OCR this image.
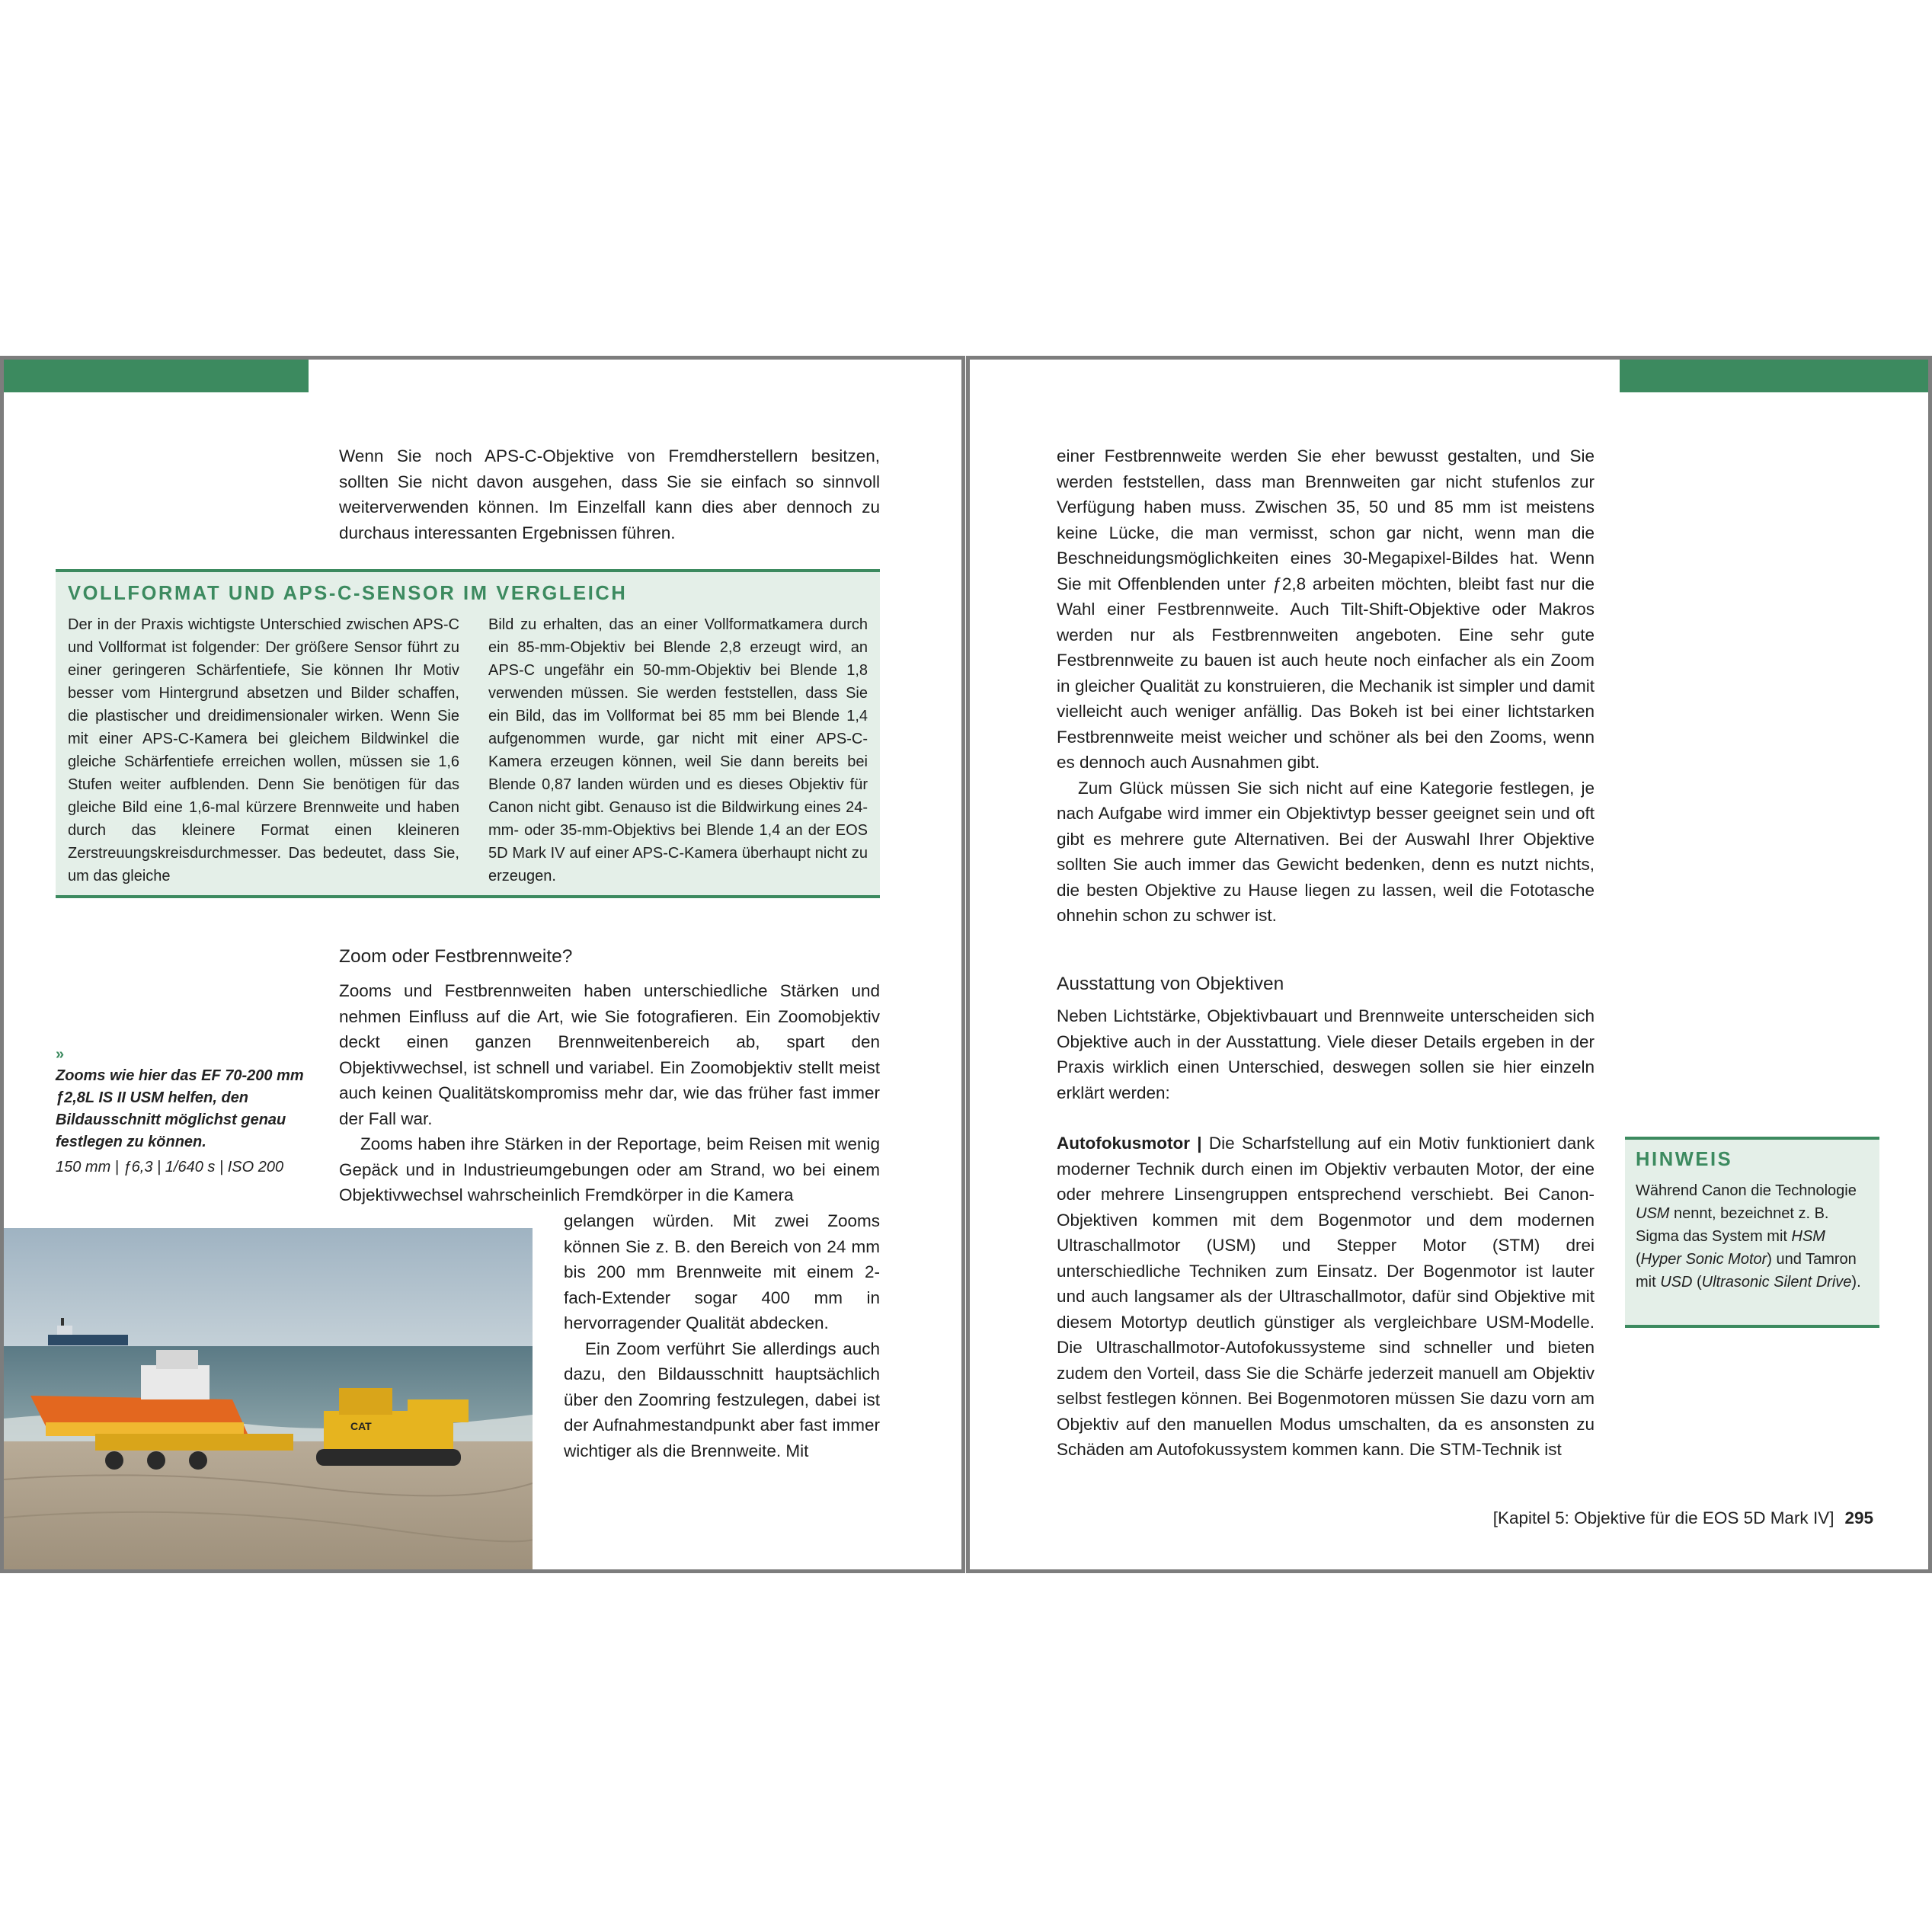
Wenn Sie noch APS-C-Objektive von Fremdherstellern besitzen, sollten Sie nicht davon ausgehen, dass Sie sie einfach so sinnvoll weiterverwenden können. Im Einzelfall kann dies aber dennoch zu durchaus interessanten Ergebnissen führen.

VOLLFORMAT UND APS-C-SENSOR IM VERGLEICH
Der in der Praxis wichtigste Unterschied zwischen APS-C und Vollformat ist folgender: Der größere Sensor führt zu einer geringeren Schärfentiefe, Sie können Ihr Motiv besser vom Hintergrund absetzen und Bilder schaffen, die plastischer und dreidimensionaler wirken. Wenn Sie mit einer APS-C-Kamera bei gleichem Bildwinkel die gleiche Schärfentiefe erreichen wollen, müssen sie 1,6 Stufen weiter aufblenden. Denn Sie benötigen für das gleiche Bild eine 1,6-mal kürzere Brennweite und haben durch das kleinere Format einen kleineren Zerstreuungskreisdurchmesser. Das bedeutet, dass Sie, um das gleiche
Bild zu erhalten, das an einer Vollformatkamera durch ein 85-mm-Objektiv bei Blende 2,8 erzeugt wird, an APS-C ungefähr ein 50-mm-Objektiv bei Blende 1,8 verwenden müssen. Sie werden feststellen, dass Sie ein Bild, das im Vollformat bei 85 mm bei Blende 1,4 aufgenommen wurde, gar nicht mit einer APS-C-Kamera erzeugen können, weil Sie dann bereits bei Blende 0,87 landen würden und es dieses Objektiv für Canon nicht gibt. Genauso ist die Bildwirkung eines 24-mm- oder 35-mm-Objektivs bei Blende 1,4 an der EOS 5D Mark IV auf einer APS-C-Kamera überhaupt nicht zu erzeugen.
Zoom oder Festbrennweite?

Zooms und Festbrennweiten haben unterschiedliche Stärken und nehmen Einfluss auf die Art, wie Sie fotografieren. Ein Zoomobjektiv deckt einen ganzen Brennweitenbereich ab, spart den Objektivwechsel, ist schnell und variabel. Ein Zoomobjektiv stellt meist auch keinen Qualitätskompromiss mehr dar, wie das früher fast immer der Fall war.

Zooms haben ihre Stärken in der Reportage, beim Reisen mit wenig Gepäck und in Industrieumgebungen oder am Strand, wo bei einem Objektivwechsel wahrscheinlich Fremdkörper in die Kamera

gelangen würden. Mit zwei Zooms können Sie z. B. den Bereich von 24 mm bis 200 mm Brennweite mit einem 2-fach-Extender sogar 400 mm in hervorragender Qualität abdecken.

Ein Zoom verführt Sie allerdings auch dazu, den Bildausschnitt hauptsächlich über den Zoomring festzulegen, dabei ist der Aufnahmestandpunkt aber fast immer wichtiger als die Brennweite. Mit

»
Zooms wie hier das EF 70-200 mm ƒ2,8L IS II USM helfen, den Bildausschnitt möglichst genau festlegen zu können.
150 mm | ƒ6,3 | 1/640 s | ISO 200
CAT

einer Festbrennweite werden Sie eher bewusst gestalten, und Sie werden feststellen, dass man Brennweiten gar nicht stufenlos zur Verfügung haben muss. Zwischen 35, 50 und 85 mm ist meistens keine Lücke, die man vermisst, schon gar nicht, wenn man die Beschneidungsmöglichkeiten eines 30-Megapixel-Bildes hat. Wenn Sie mit Offenblenden unter ƒ2,8 arbeiten möchten, bleibt fast nur die Wahl einer Festbrennweite. Auch Tilt-Shift-Objektive oder Makros werden nur als Festbrennweiten angeboten. Eine sehr gute Festbrennweite zu bauen ist auch heute noch einfacher als ein Zoom in gleicher Qualität zu konstruieren, die Mechanik ist simpler und damit vielleicht auch weniger anfällig. Das Bokeh ist bei einer lichtstarken Festbrennweite meist weicher und schöner als bei den Zooms, wenn es dennoch auch Ausnahmen gibt.

Zum Glück müssen Sie sich nicht auf eine Kategorie festlegen, je nach Aufgabe wird immer ein Objektivtyp besser geeignet sein und oft gibt es mehrere gute Alternativen. Bei der Auswahl Ihrer Objektive sollten Sie auch immer das Gewicht bedenken, denn es nutzt nichts, die besten Objektive zu Hause liegen zu lassen, weil die Fototasche ohnehin schon zu schwer ist.

Ausstattung von Objektiven

Neben Lichtstärke, Objektivbauart und Brennweite unterscheiden sich Objektive auch in der Ausstattung. Viele dieser Details ergeben in der Praxis wirklich einen Unterschied, deswegen sollen sie hier einzeln erklärt werden:

Autofokusmotor | Die Scharfstellung auf ein Motiv funktioniert dank moderner Technik durch einen im Objektiv verbauten Motor, der eine oder mehrere Linsengruppen entsprechend verschiebt. Bei Canon-Objektiven kommen mit dem Bogenmotor und dem modernen Ultraschallmotor (USM) und Stepper Motor (STM) drei unterschiedliche Techniken zum Einsatz. Der Bogenmotor ist lauter und auch langsamer als der Ultraschallmotor, dafür sind Objektive mit diesem Motortyp deutlich günstiger als vergleichbare USM-Modelle. Die Ultraschallmotor-Autofokussysteme sind schneller und bieten zudem den Vorteil, dass Sie die Schärfe jederzeit manuell am Objektiv selbst festlegen können. Bei Bogenmotoren müssen Sie dazu vorn am Objektiv auf den manuellen Modus umschalten, da es ansonsten zu Schäden am Autofokussystem kommen kann. Die STM-Technik ist

HINWEIS
Während Canon die Technologie USM nennt, bezeichnet z. B. Sigma das System mit HSM (Hyper Sonic Motor) und Tamron mit USD (Ultrasonic Silent Drive).
[Kapitel 5: Objektive für die EOS 5D Mark IV] 295
